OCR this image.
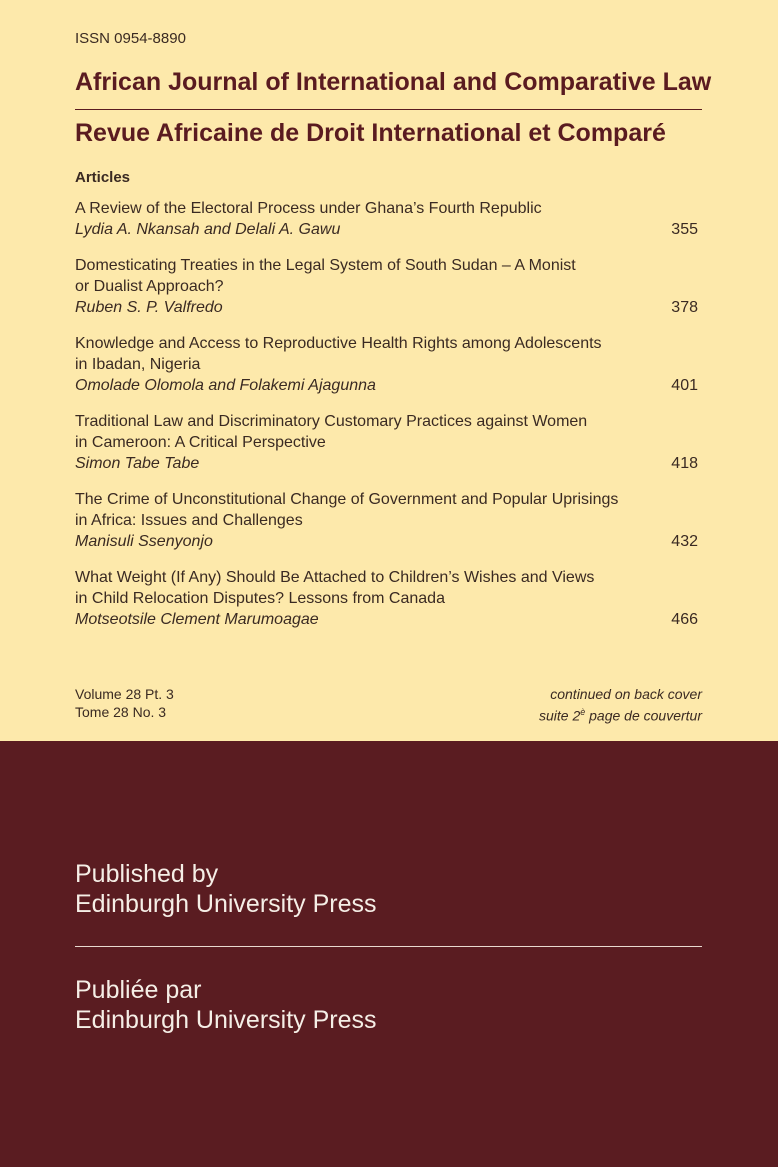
ISSN 0954-8890
African Journal of International and Comparative Law
Revue Africaine de Droit International et Comparé
Articles
A Review of the Electoral Process under Ghana’s Fourth Republic
Lydia A. Nkansah and Delali A. Gawu	355
Domesticating Treaties in the Legal System of South Sudan – A Monist
or Dualist Approach?
Ruben S. P. Valfredo	378
Knowledge and Access to Reproductive Health Rights among Adolescents
in Ibadan, Nigeria
Omolade Olomola and Folakemi Ajagunna	401
Traditional Law and Discriminatory Customary Practices against Women
in Cameroon: A Critical Perspective
Simon Tabe Tabe	418
The Crime of Unconstitutional Change of Government and Popular Uprisings
in Africa: Issues and Challenges
Manisuli Ssenyonjo	432
What Weight (If Any) Should Be Attached to Children’s Wishes and Views
in Child Relocation Disputes? Lessons from Canada
Motseotsile Clement Marumoagae	466
Volume 28 Pt. 3
Tome 28 No. 3
continued on back cover
suite $2^è$ page de couvertur
Published by
Edinburgh University Press
Publiée par
Edinburgh University Press
